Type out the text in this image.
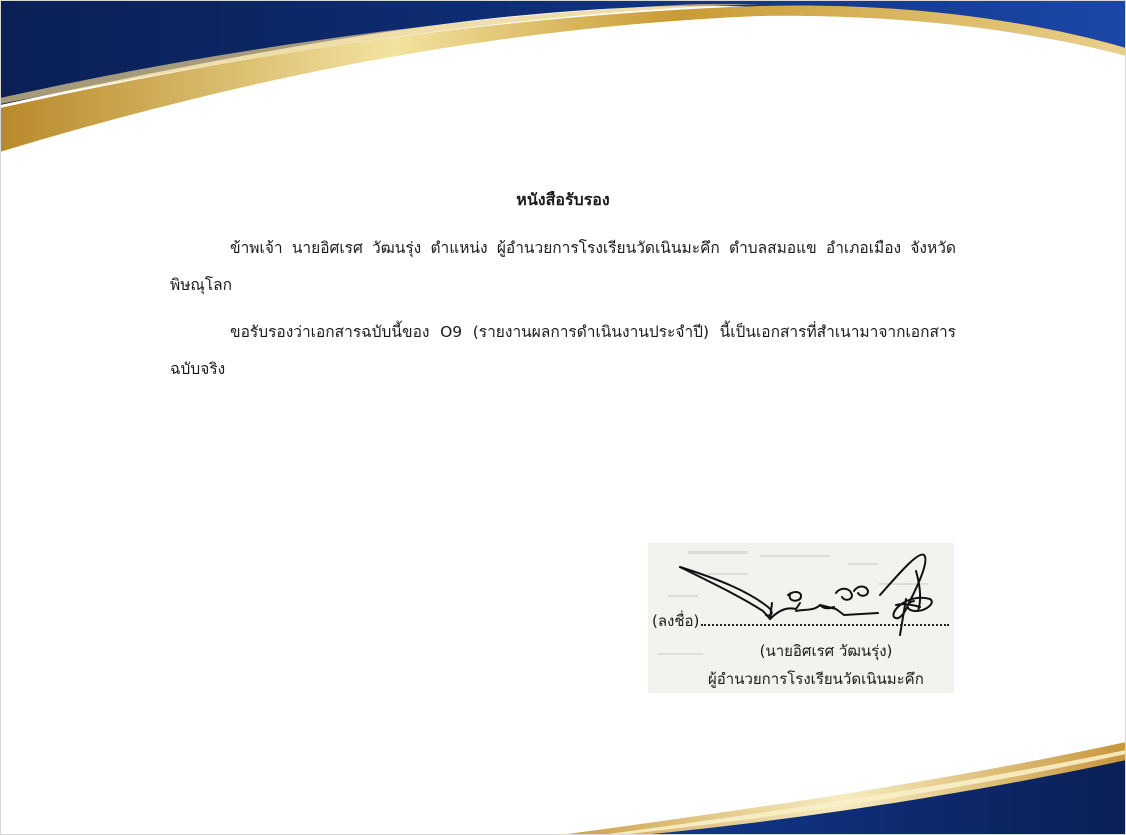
หนังสือรับรอง

ข้าพเจ้า นายอิศเรศ วัฒนรุ่ง ตำแหน่ง ผู้อำนวยการโรงเรียนวัดเนินมะคึก ตำบลสมอแข อำเภอเมือง จังหวัดพิษณุโลก

ขอรับรองว่าเอกสารฉบับนี้ของ O9 (รายงานผลการดำเนินงานประจำปี) นี้เป็นเอกสารที่สำเนามาจากเอกสารฉบับจริง

(ลงชื่อ)
(นายอิศเรศ วัฒนรุ่ง)
ผู้อำนวยการโรงเรียนวัดเนินมะคึก
